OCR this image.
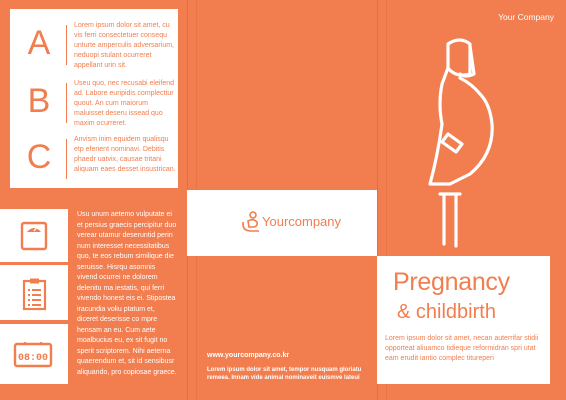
A	Lorem ipsum dolor sit amet, cu vis ferri consectetuer consequ unturte amperculis adversarium, neduopi stulant ocurreret appellant urin sit.
B	Useu quo, nec recusabi eleifend ad. Labore euripidis complecttur quout. An cum maiorum maluisset deseru issead quo maxim ocurreret.
C	Anvism inim equidem qualisqu etp eferient nominavi. Debitis phaedr uatvix, causae tritani aliquam eaes desset insustrican.
08:00
Usu unum aetemo vulputate ei et persius graecis percipitur duo verear utamur deseruntid perin num interesset necessitatibus quo, te eos rebum similique die seruisse. Hisrqu asomnis vivend ocurrei ne dolorem delenitu ma iestatis, qui ferri vivendo honest eis ei. Stipostea iracundia voliu ptatum et, diceret deserisse co mpre hensam an eu. Cum aete moalbucius eu, ex sit fugit no sperit scriptorem. Nihi aeterna quaerendum et, sit id sensibusr aliquando, pro copiosae graece.
Yourcompany
www.yourcompany.co.kr
Lorem ipsum dolor sit amet, tempor nusquam gloriatu remeea. Innam vide animal nominaveit euismve lateui
Your Company
Pregnancy
& childbirth
Lorem ipsum dolor sit amet, necan auterrifar stidii opporteat aliuamco tidieque reformidran spri utat eam erudit iantio complec titureperi
